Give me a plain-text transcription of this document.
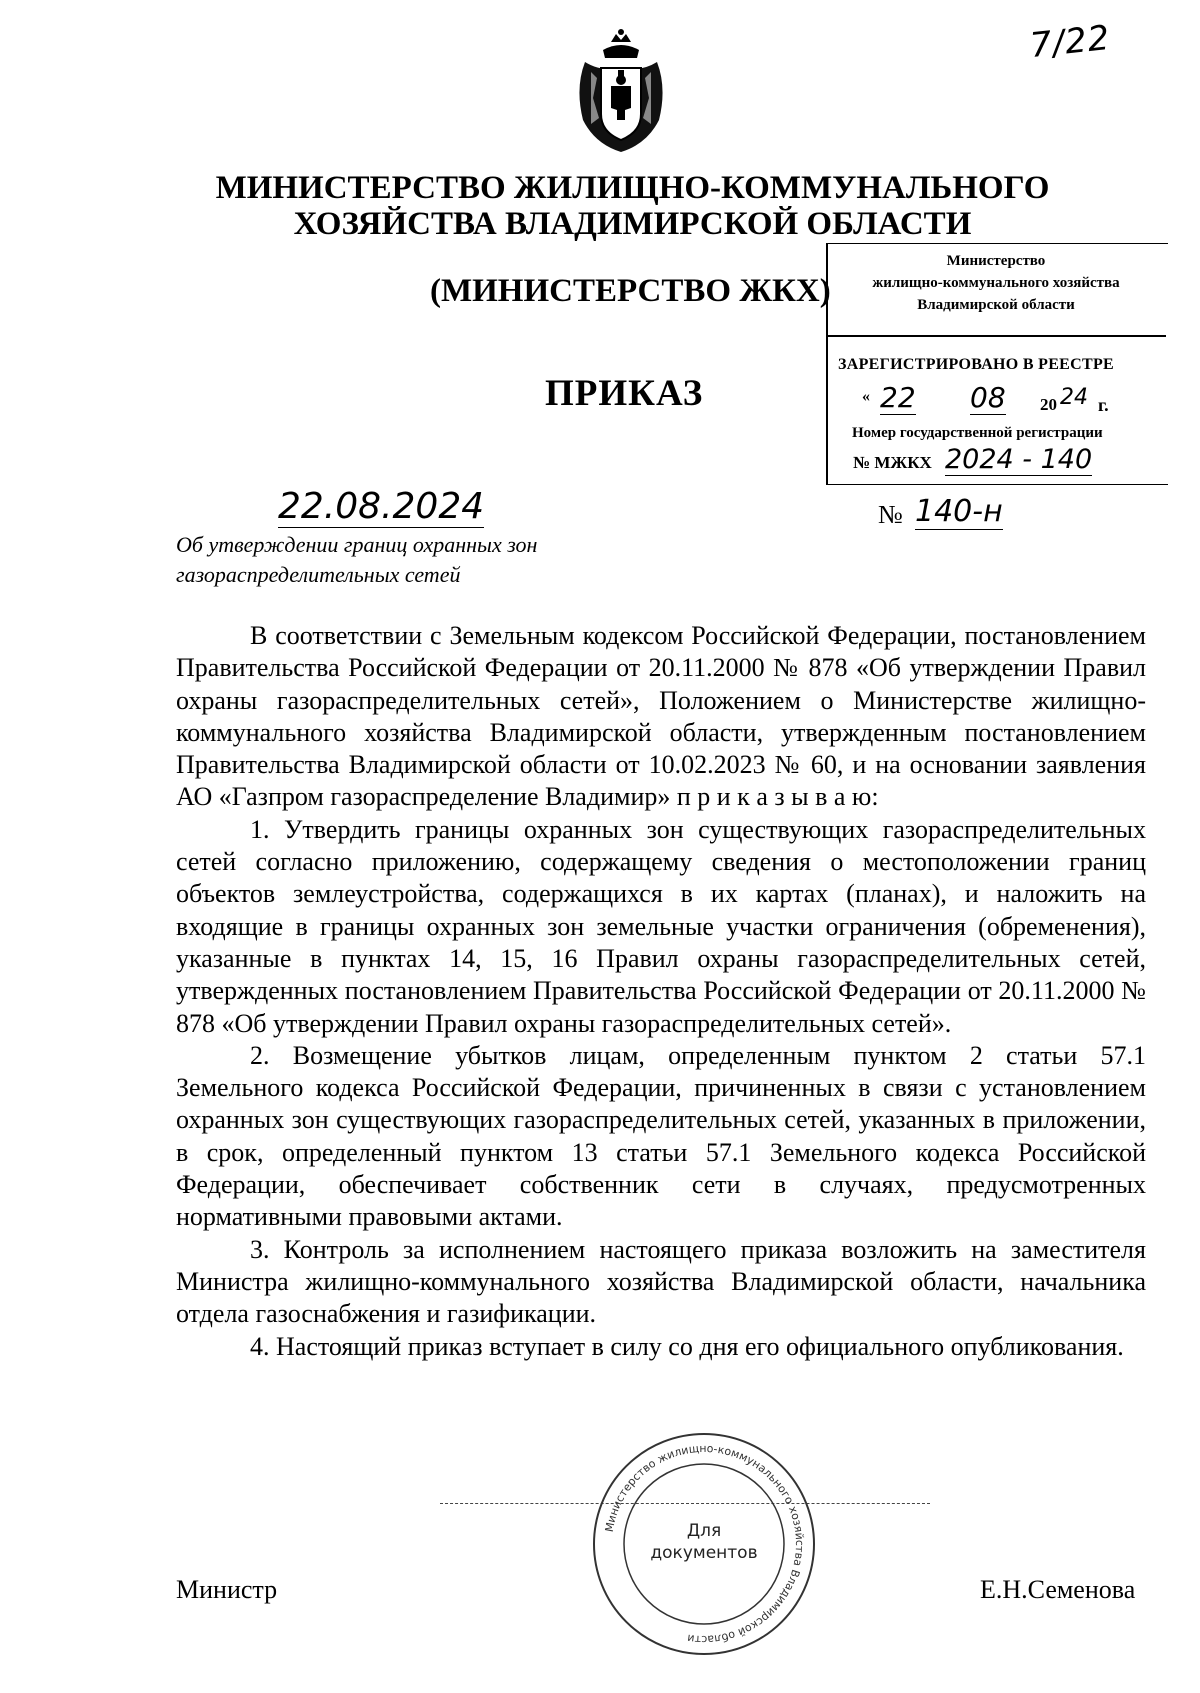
7/22
МИНИСТЕРСТВО ЖИЛИЩНО-КОММУНАЛЬНОГО
ХОЗЯЙСТВА ВЛАДИМИРСКОЙ ОБЛАСТИ
(МИНИСТЕРСТВО ЖКХ)
Министерство
жилищно-коммунального хозяйства
Владимирской области
ЗАРЕГИСТРИРОВАНО В РЕЕСТРЕ
« 22 08 20 24 г.
Номер государственной регистрации
№ МЖКХ 2024 - 140
ПРИКАЗ
22.08.2024	№ 140-н
Об утверждении границ охранных зон
газораспределительных сетей

В соответствии с Земельным кодексом Российской Федерации, постановлением Правительства Российской Федерации от 20.11.2000 № 878 «Об утверждении Правил охраны газораспределительных сетей», Положением о Министерстве жилищно-коммунального хозяйства Владимирской области, утвержденным постановлением Правительства Владимирской области от 10.02.2023 № 60, и на основании заявления АО «Газпром газораспределение Владимир» п р и к а з ы в а ю:

1. Утвердить границы охранных зон существующих газораспределительных сетей согласно приложению, содержащему сведения о местоположении границ объектов землеустройства, содержащихся в их картах (планах), и наложить на входящие в границы охранных зон земельные участки ограничения (обременения), указанные в пунктах 14, 15, 16 Правил охраны газораспределительных сетей, утвержденных постановлением Правительства Российской Федерации от 20.11.2000 № 878 «Об утверждении Правил охраны газораспределительных сетей».

2. Возмещение убытков лицам, определенным пунктом 2 статьи 57.1 Земельного кодекса Российской Федерации, причиненных в связи с установлением охранных зон существующих газораспределительных сетей, указанных в приложении, в срок, определенный пунктом 13 статьи 57.1 Земельного кодекса Российской Федерации, обеспечивает собственник сети в случаях, предусмотренных нормативными правовыми актами.

3. Контроль за исполнением настоящего приказа возложить на заместителя Министра жилищно-коммунального хозяйства Владимирской области, начальника отдела газоснабжения и газификации.

4. Настоящий приказ вступает в силу со дня его официального опубликования.

Министерство жилищно-коммунального хозяйства Владимирской области
Для
документов
Министр	Е.Н.Семенова
